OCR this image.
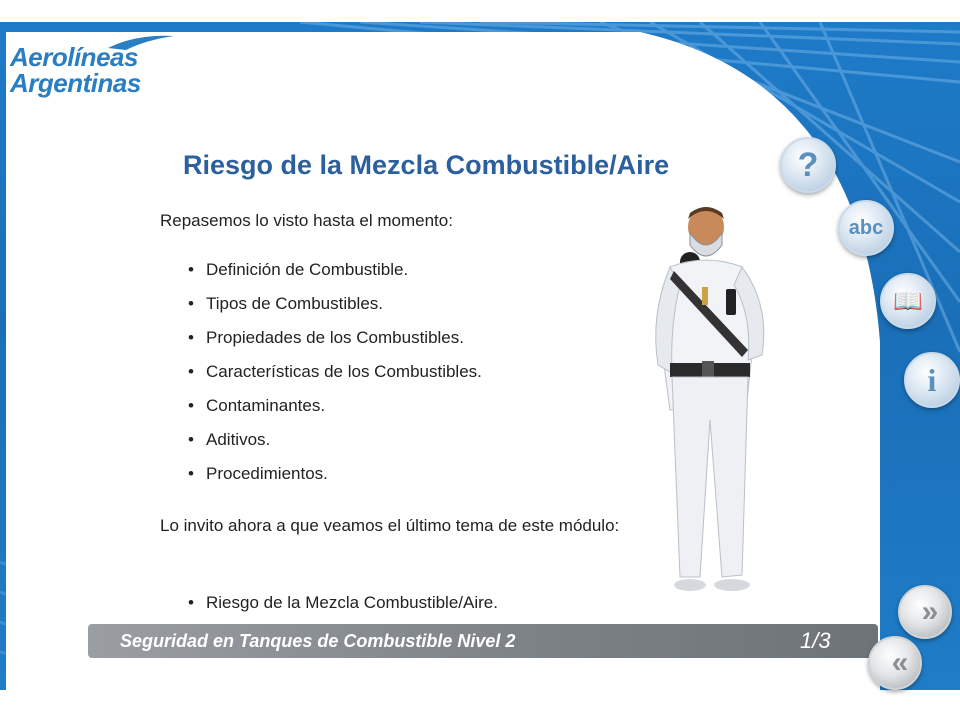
Aerolíneas
Argentinas
Riesgo de la Mezcla Combustible/Aire
Repasemos lo visto hasta el momento:
• Definición de Combustible.
• Tipos de Combustibles.
• Propiedades de los Combustibles.
• Características de los Combustibles.
• Contaminantes.
• Aditivos.
• Procedimientos.
Lo invito ahora a que veamos el último tema de este módulo:
• Riesgo de la Mezcla Combustible/Aire.
?
abc
📖
i
Seguridad en Tanques de Combustible Nivel 2	1/3
»
«
